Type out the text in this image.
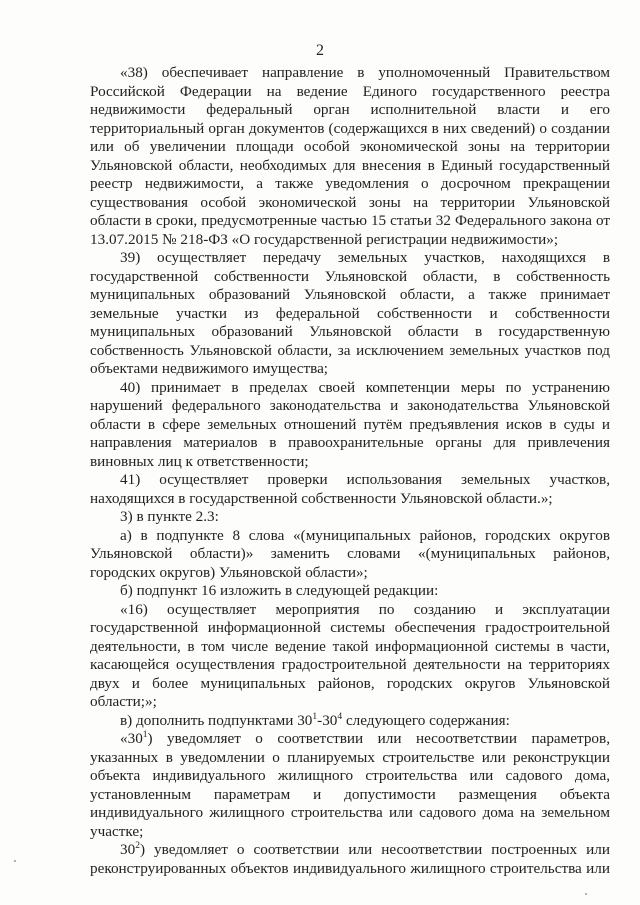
2

«38) обеспечивает направление в уполномоченный Правительством Российской Федерации на ведение Единого государственного реестра недвижимости федеральный орган исполнительной власти и его территориальный орган документов (содержащихся в них сведений) о создании или об увеличении площади особой экономической зоны на территории Ульяновской области, необходимых для внесения в Единый государственный реестр недвижимости, а также уведомления о досрочном прекращении существования особой экономической зоны на территории Ульяновской области в сроки, предусмотренные частью 15 статьи 32 Федерального закона от 13.07.2015 № 218-ФЗ «О государственной регистрации недвижимости»;

39) осуществляет передачу земельных участков, находящихся в государственной собственности Ульяновской области, в собственность муниципальных образований Ульяновской области, а также принимает земельные участки из федеральной собственности и собственности муниципальных образований Ульяновской области в государственную собственность Ульяновской области, за исключением земельных участков под объектами недвижимого имущества;

40) принимает в пределах своей компетенции меры по устранению нарушений федерального законодательства и законодательства Ульяновской области в сфере земельных отношений путём предъявления исков в суды и направления материалов в правоохранительные органы для привлечения виновных лиц к ответственности;

41) осуществляет проверки использования земельных участков, находящихся в государственной собственности Ульяновской области.»;

3) в пункте 2.3:

а) в подпункте 8 слова «(муниципальных районов, городских округов Ульяновской области)» заменить словами «(муниципальных районов, городских округов) Ульяновской области»;

б) подпункт 16 изложить в следующей редакции:

«16) осуществляет мероприятия по созданию и эксплуатации государственной информационной системы обеспечения градостроительной деятельности, в том числе ведение такой информационной системы в части, касающейся осуществления градостроительной деятельности на территориях двух и более муниципальных районов, городских округов Ульяновской области;»;

в) дополнить подпунктами $30^1-30^4$ следующего содержания:

«$30^1$) уведомляет о соответствии или несоответствии параметров, указанных в уведомлении о планируемых строительстве или реконструкции объекта индивидуального жилищного строительства или садового дома, установленным параметрам и допустимости размещения объекта индивидуального жилищного строительства или садового дома на земельном участке;

$30^2$) уведомляет о соответствии или несоответствии построенных или реконструированных объектов индивидуального жилищного строительства или
